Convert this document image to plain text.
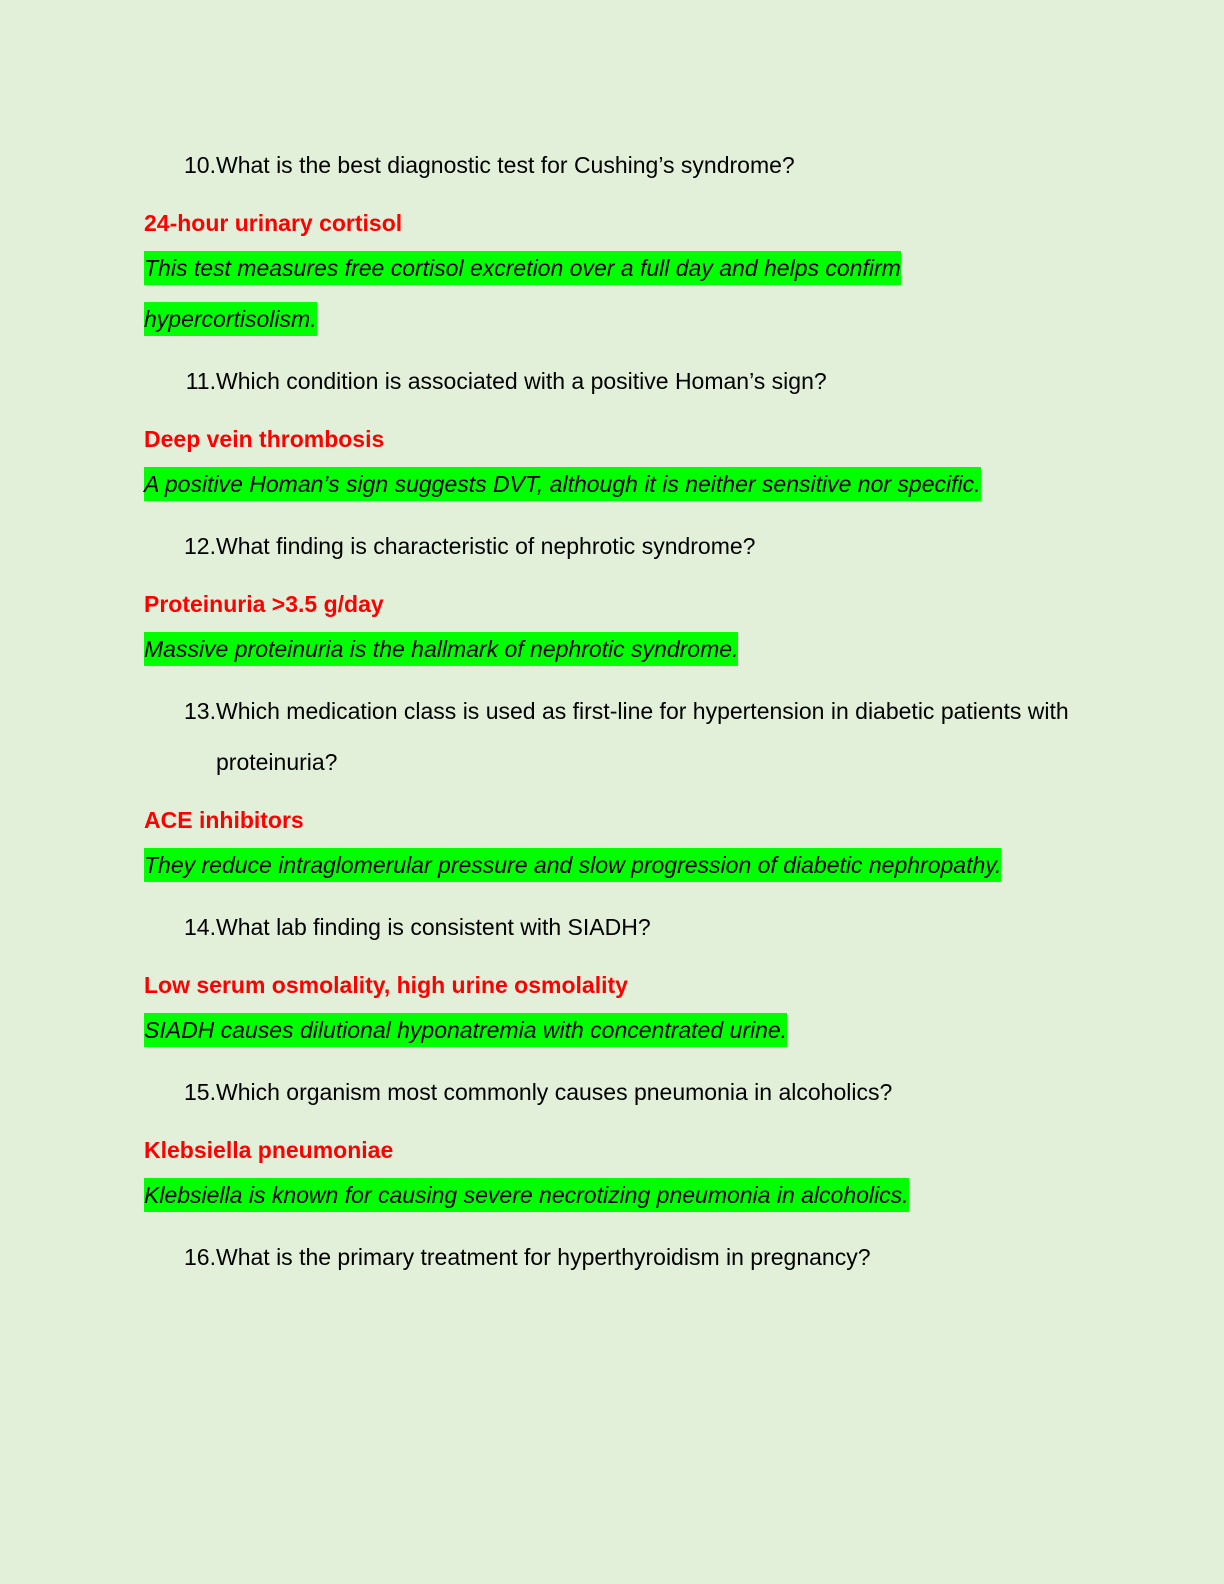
10. What is the best diagnostic test for Cushing’s syndrome?
24-hour urinary cortisol
This test measures free cortisol excretion over a full day and helps confirm hypercortisolism.
11. Which condition is associated with a positive Homan’s sign?
Deep vein thrombosis
A positive Homan’s sign suggests DVT, although it is neither sensitive nor specific.
12. What finding is characteristic of nephrotic syndrome?
Proteinuria >3.5 g/day
Massive proteinuria is the hallmark of nephrotic syndrome.
13. Which medication class is used as first-line for hypertension in diabetic patients with proteinuria?
ACE inhibitors
They reduce intraglomerular pressure and slow progression of diabetic nephropathy.
14. What lab finding is consistent with SIADH?
Low serum osmolality, high urine osmolality
SIADH causes dilutional hyponatremia with concentrated urine.
15. Which organism most commonly causes pneumonia in alcoholics?
Klebsiella pneumoniae
Klebsiella is known for causing severe necrotizing pneumonia in alcoholics.
16. What is the primary treatment for hyperthyroidism in pregnancy?
